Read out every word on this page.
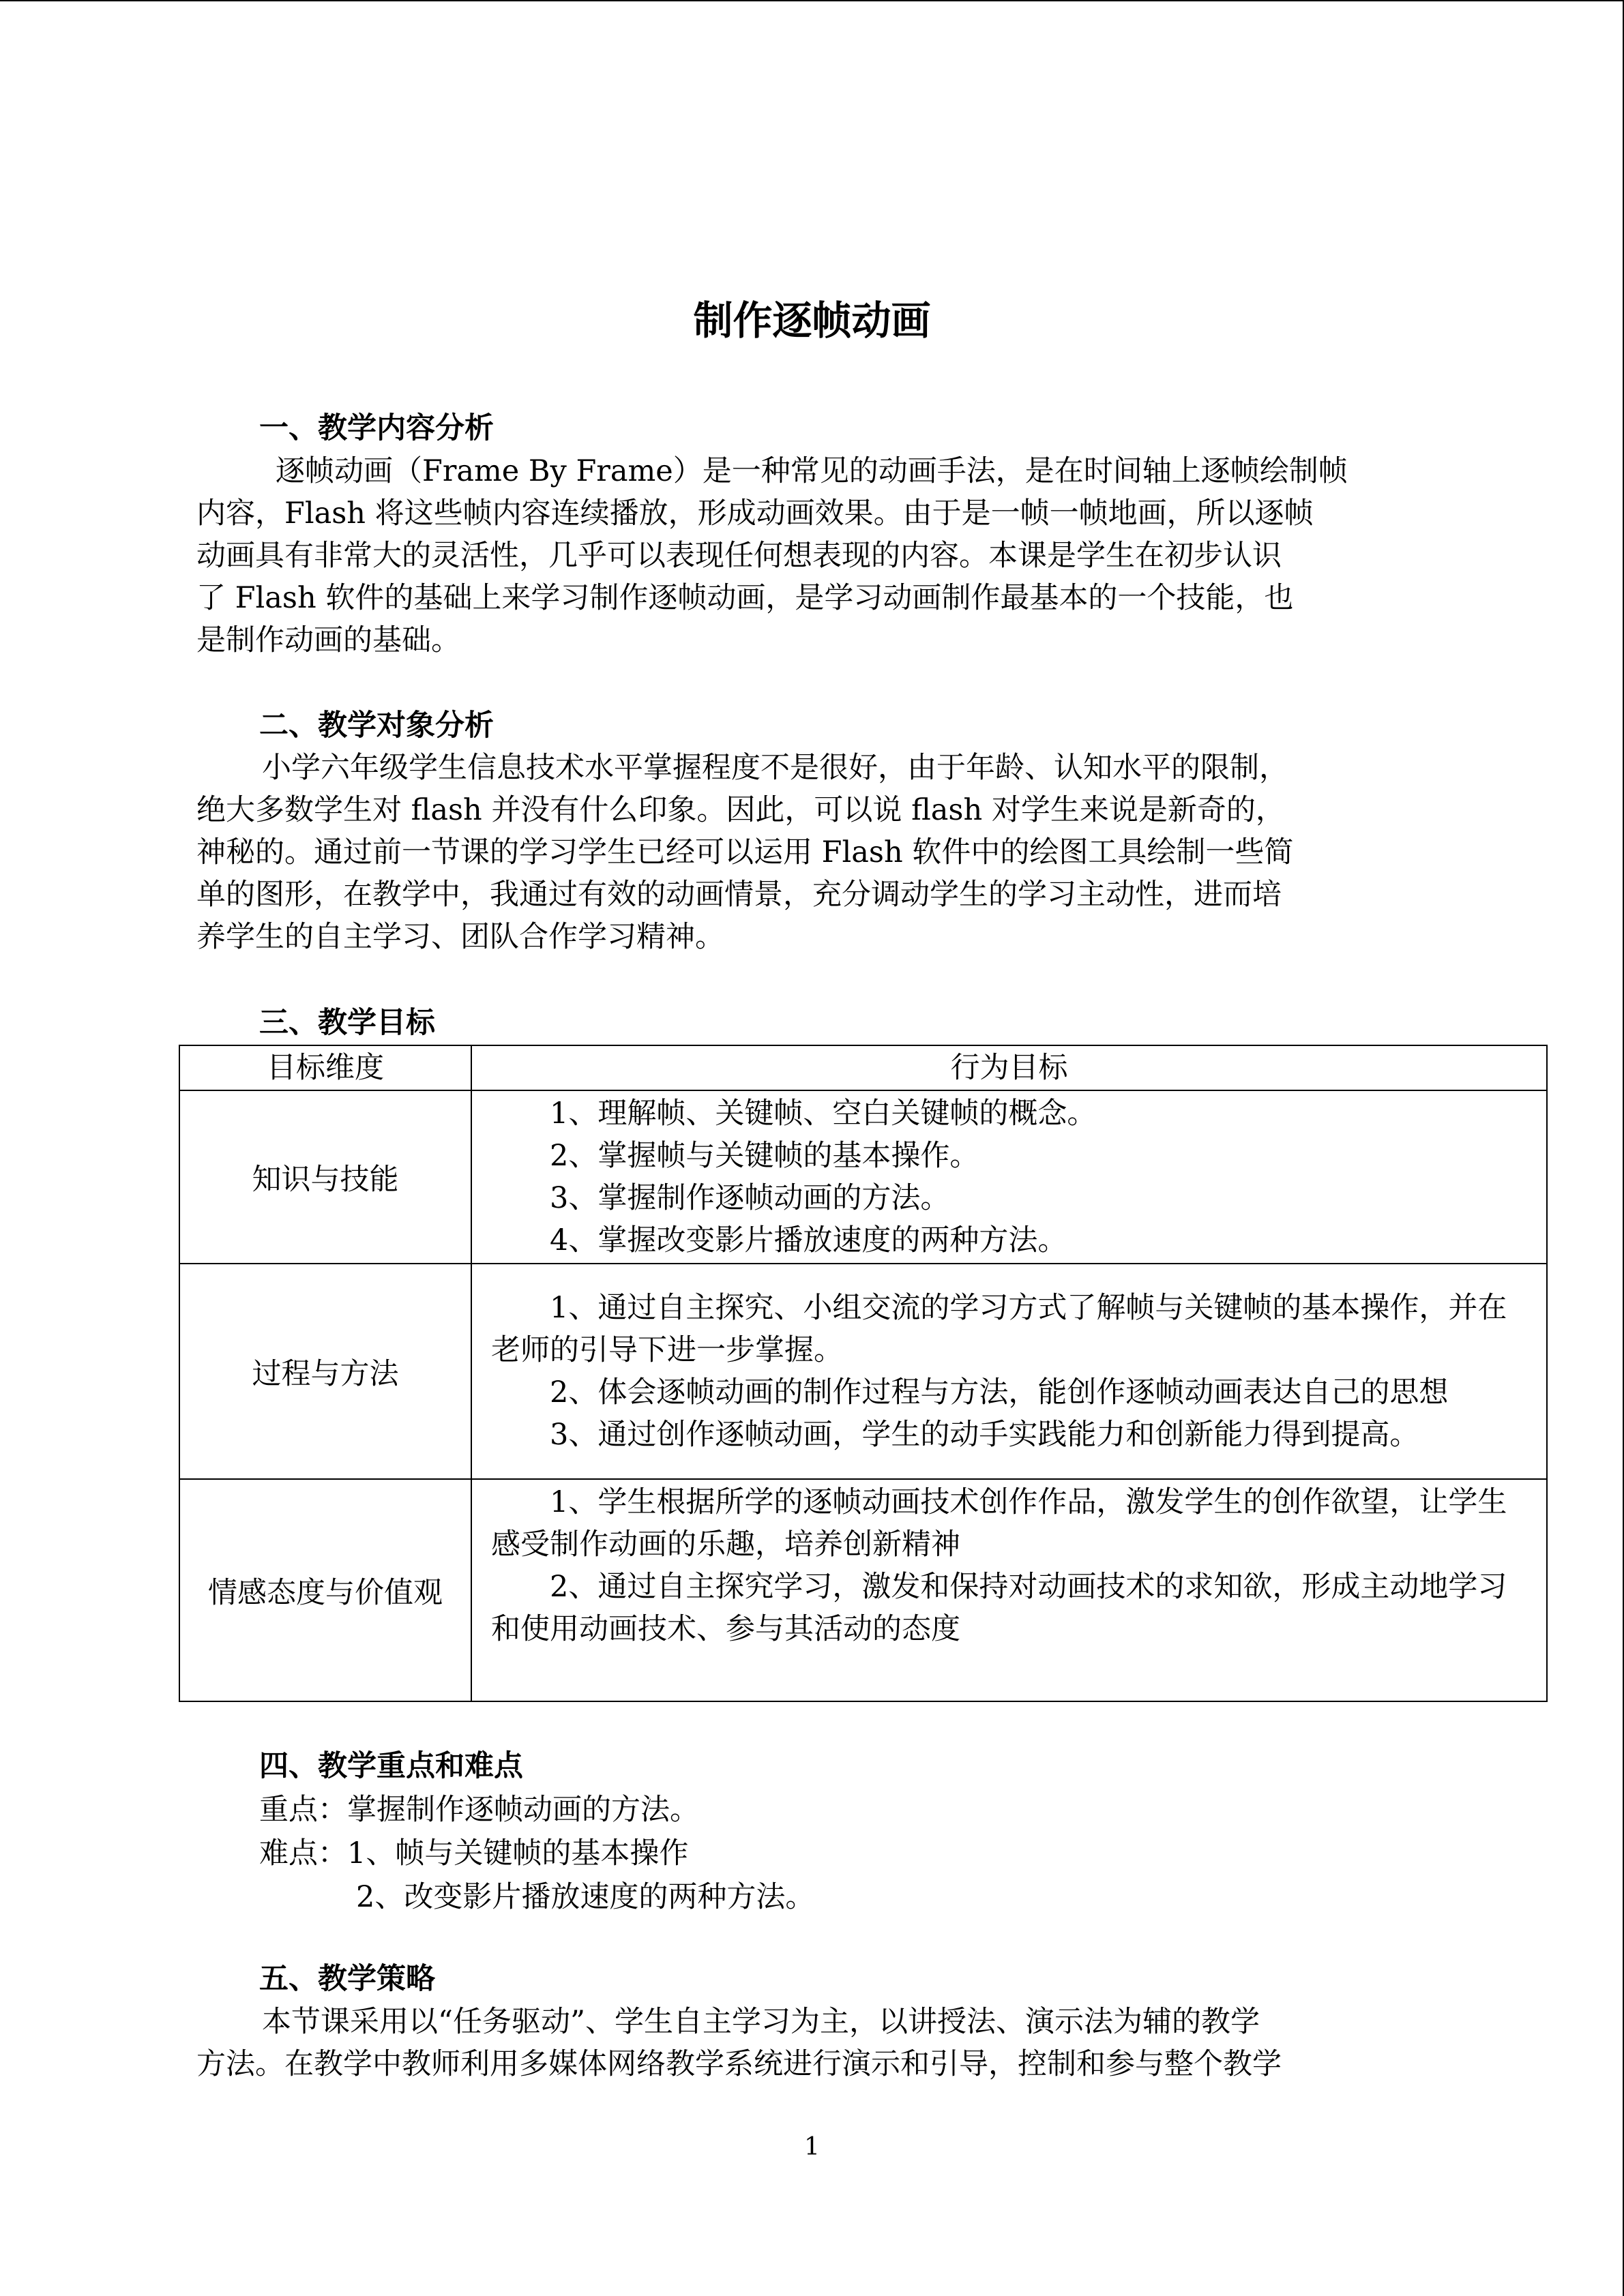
制作逐帧动画
一、教学内容分析
逐帧动画（Frame By Frame）是一种常见的动画手法，是在时间轴上逐帧绘制帧
内容，Flash 将这些帧内容连续播放，形成动画效果。由于是一帧一帧地画，所以逐帧
动画具有非常大的灵活性，几乎可以表现任何想表现的内容。本课是学生在初步认识
了 Flash 软件的基础上来学习制作逐帧动画，是学习动画制作最基本的一个技能，也
是制作动画的基础。
二、教学对象分析
小学六年级学生信息技术水平掌握程度不是很好，由于年龄、认知水平的限制，
绝大多数学生对 flash 并没有什么印象。因此，可以说 flash 对学生来说是新奇的，
神秘的。通过前一节课的学习学生已经可以运用 Flash 软件中的绘图工具绘制一些简
单的图形，在教学中，我通过有效的动画情景，充分调动学生的学习主动性，进而培
养学生的自主学习、团队合作学习精神。
三、教学目标
目标维度	行为目标
知识与技能	1、理解帧、关键帧、空白关键帧的概念。
2、掌握帧与关键帧的基本操作。
3、掌握制作逐帧动画的方法。
4、掌握改变影片播放速度的两种方法。

过程与方法	1、通过自主探究、小组交流的学习方式了解帧与关键帧的基本操作，并在老师的引导下进一步掌握。
2、体会逐帧动画的制作过程与方法，能创作逐帧动画表达自己的思想
3、通过创作逐帧动画，学生的动手实践能力和创新能力得到提高。

情感态度与价值观	1、学生根据所学的逐帧动画技术创作作品，激发学生的创作欲望，让学生感受制作动画的乐趣，培养创新精神
2、通过自主探究学习，激发和保持对动画技术的求知欲，形成主动地学习和使用动画技术、参与其活动的态度
四、教学重点和难点
重点：掌握制作逐帧动画的方法。
难点：1、帧与关键帧的基本操作
2、改变影片播放速度的两种方法。
五、教学策略
本节课采用以“任务驱动”、学生自主学习为主，以讲授法、演示法为辅的教学
方法。在教学中教师利用多媒体网络教学系统进行演示和引导，控制和参与整个教学
1
